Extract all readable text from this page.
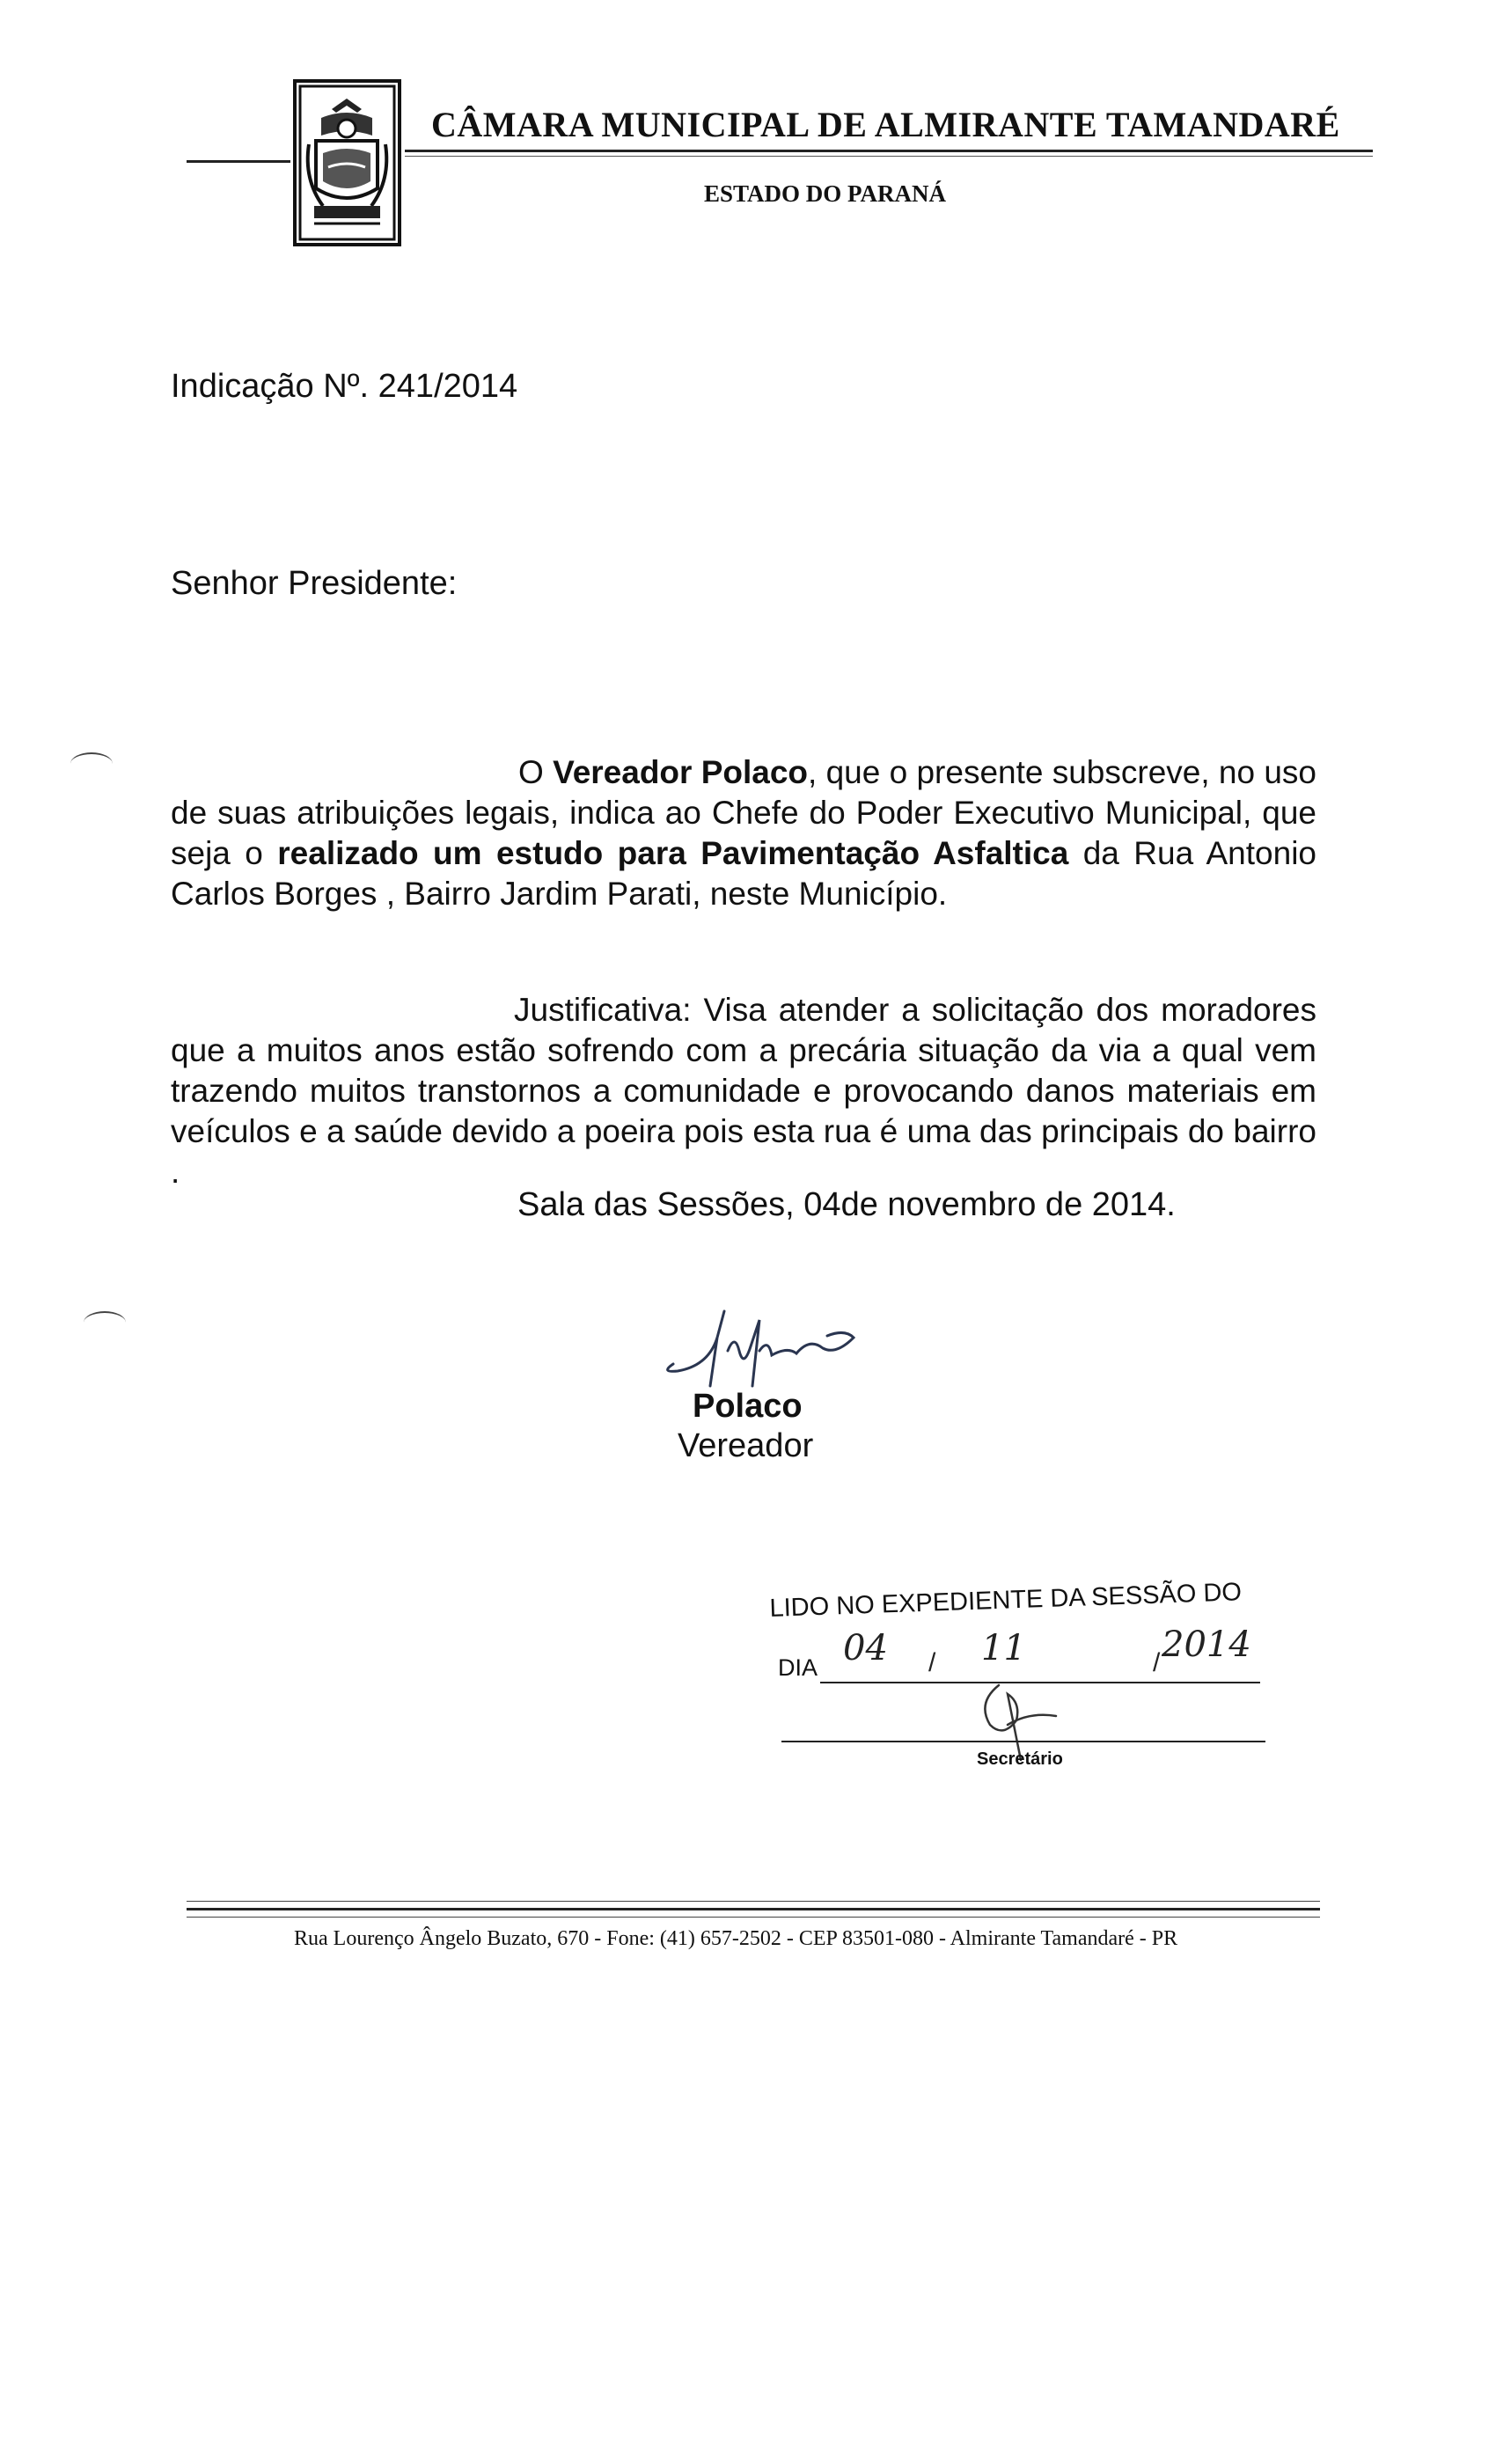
CÂMARA MUNICIPAL DE ALMIRANTE TAMANDARÉ
ESTADO DO PARANÁ
Indicação Nº. 241/2014
Senhor Presidente:
O Vereador Polaco, que o presente subscreve, no uso de suas atribuições legais, indica ao Chefe do Poder Executivo Municipal, que seja o realizado um estudo para Pavimentação Asfaltica da Rua Antonio Carlos Borges , Bairro Jardim Parati, neste Município.
Justificativa: Visa atender a solicitação dos moradores que a muitos anos estão sofrendo com a precária situação da via a qual vem trazendo muitos transtornos a comunidade e provocando danos materiais em veículos e a saúde devido a poeira pois esta rua é uma das principais do bairro .
Sala das Sessões, 04de novembro de 2014.
Polaco
Vereador
LIDO NO EXPEDIENTE DA SESSÃO DO
DIA 04 / 11	/ 2014
Secretário
Rua Lourenço Ângelo Buzato, 670 - Fone: (41) 657-2502 - CEP 83501-080 - Almirante Tamandaré - PR
